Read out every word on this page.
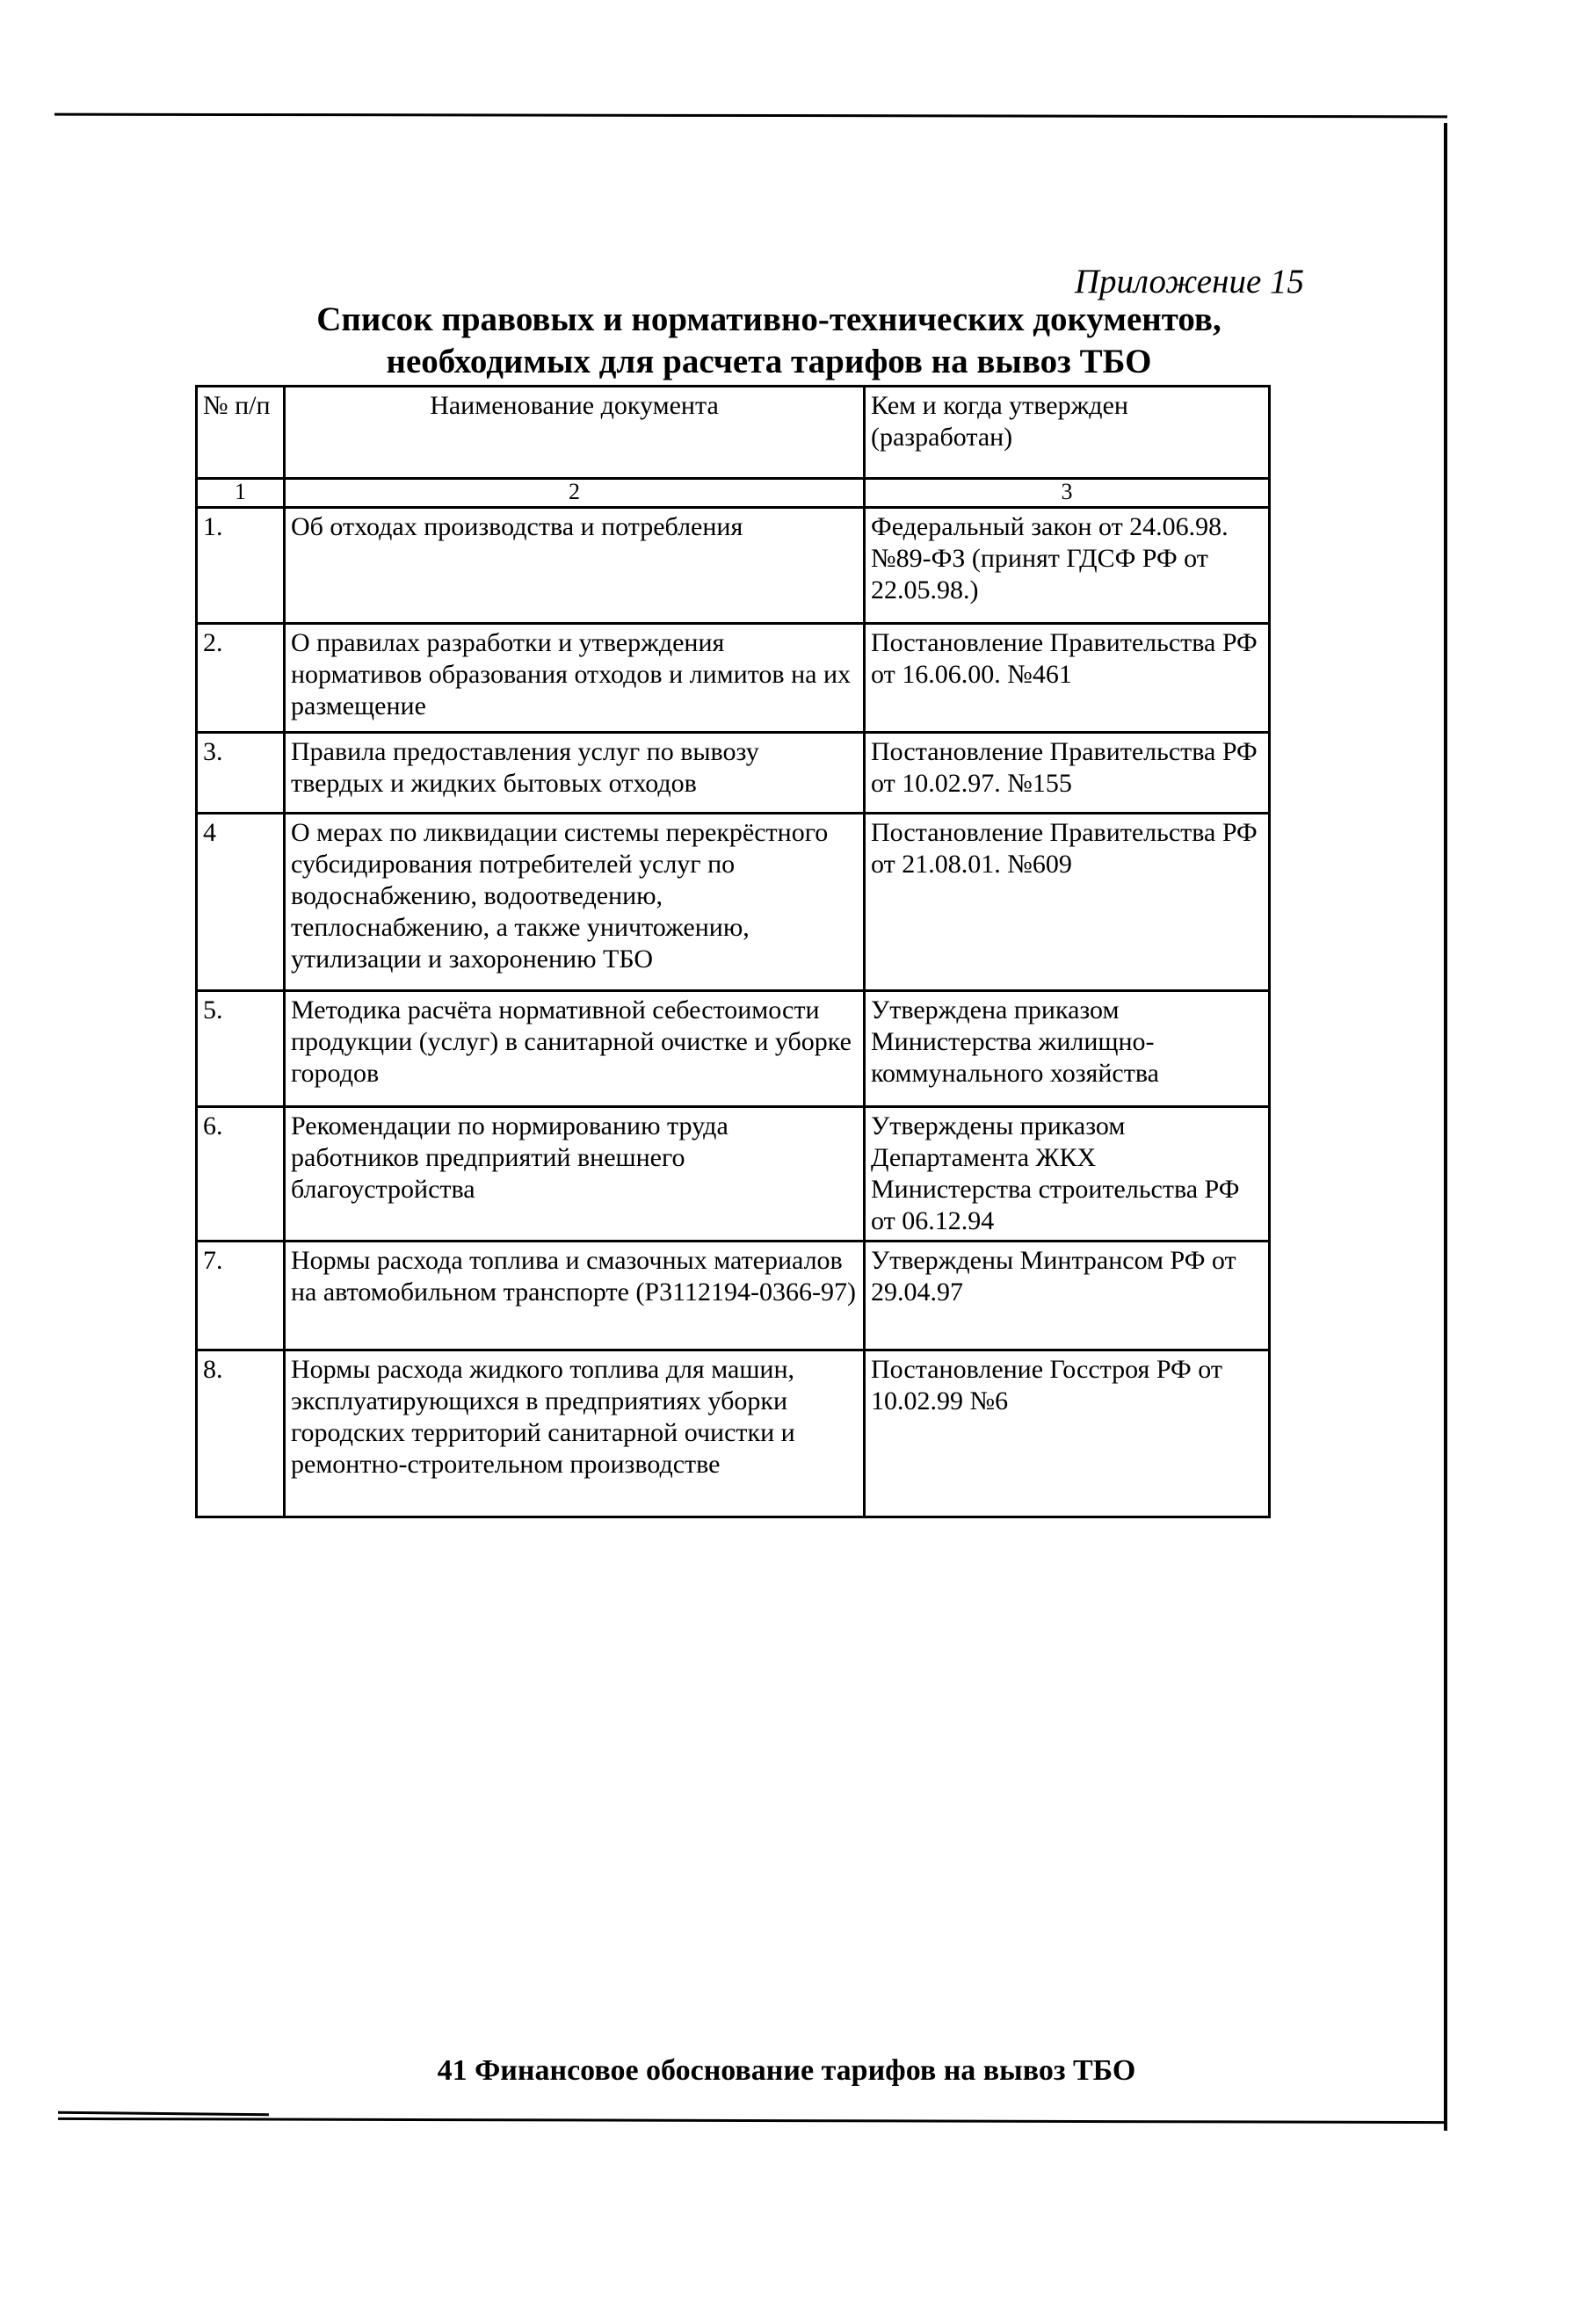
Приложение 15
Список правовых и нормативно-технических документов, необходимых для расчета тарифов на вывоз ТБО
№ п/п	Наименование документа	Кем и когда утвержден (разработан)
1	2	3
1.	Об отходах производства и потребления	Федеральный закон от 24.06.98. №89-ФЗ (принят ГДСФ РФ от 22.05.98.)
2.	О правилах разработки и утверждения нормативов образования отходов и лимитов на их размещение	Постановление Правительства РФ от 16.06.00. №461
3.	Правила предоставления услуг по вывозу твердых и жидких бытовых отходов	Постановление Правительства РФ от 10.02.97. №155
4	О мерах по ликвидации системы перекрёстного субсидирования потребителей услуг по водоснабжению, водоотведению, теплоснабжению, а также уничтожению, утилизации и захоронению ТБО	Постановление Правительства РФ от 21.08.01. №609
5.	Методика расчёта нормативной себестоимости продукции (услуг) в санитарной очистке и уборке городов	Утверждена приказом Министерства жилищно-коммунального хозяйства
6.	Рекомендации по нормированию труда работников предприятий внешнего благоустройства	Утверждены приказом Департамента ЖКХ Министерства строительства РФ от 06.12.94
7.	Нормы расхода топлива и смазочных материалов на автомобильном транспорте (Р3112194-0366-97)	Утверждены Минтрансом РФ от 29.04.97
8.	Нормы расхода жидкого топлива для машин, эксплуатирующихся в предприятиях уборки городских территорий санитарной очистки и ремонтно-строительном производстве	Постановление Госстроя РФ от 10.02.99 №6
41 Финансовое обоснование тарифов на вывоз ТБО
